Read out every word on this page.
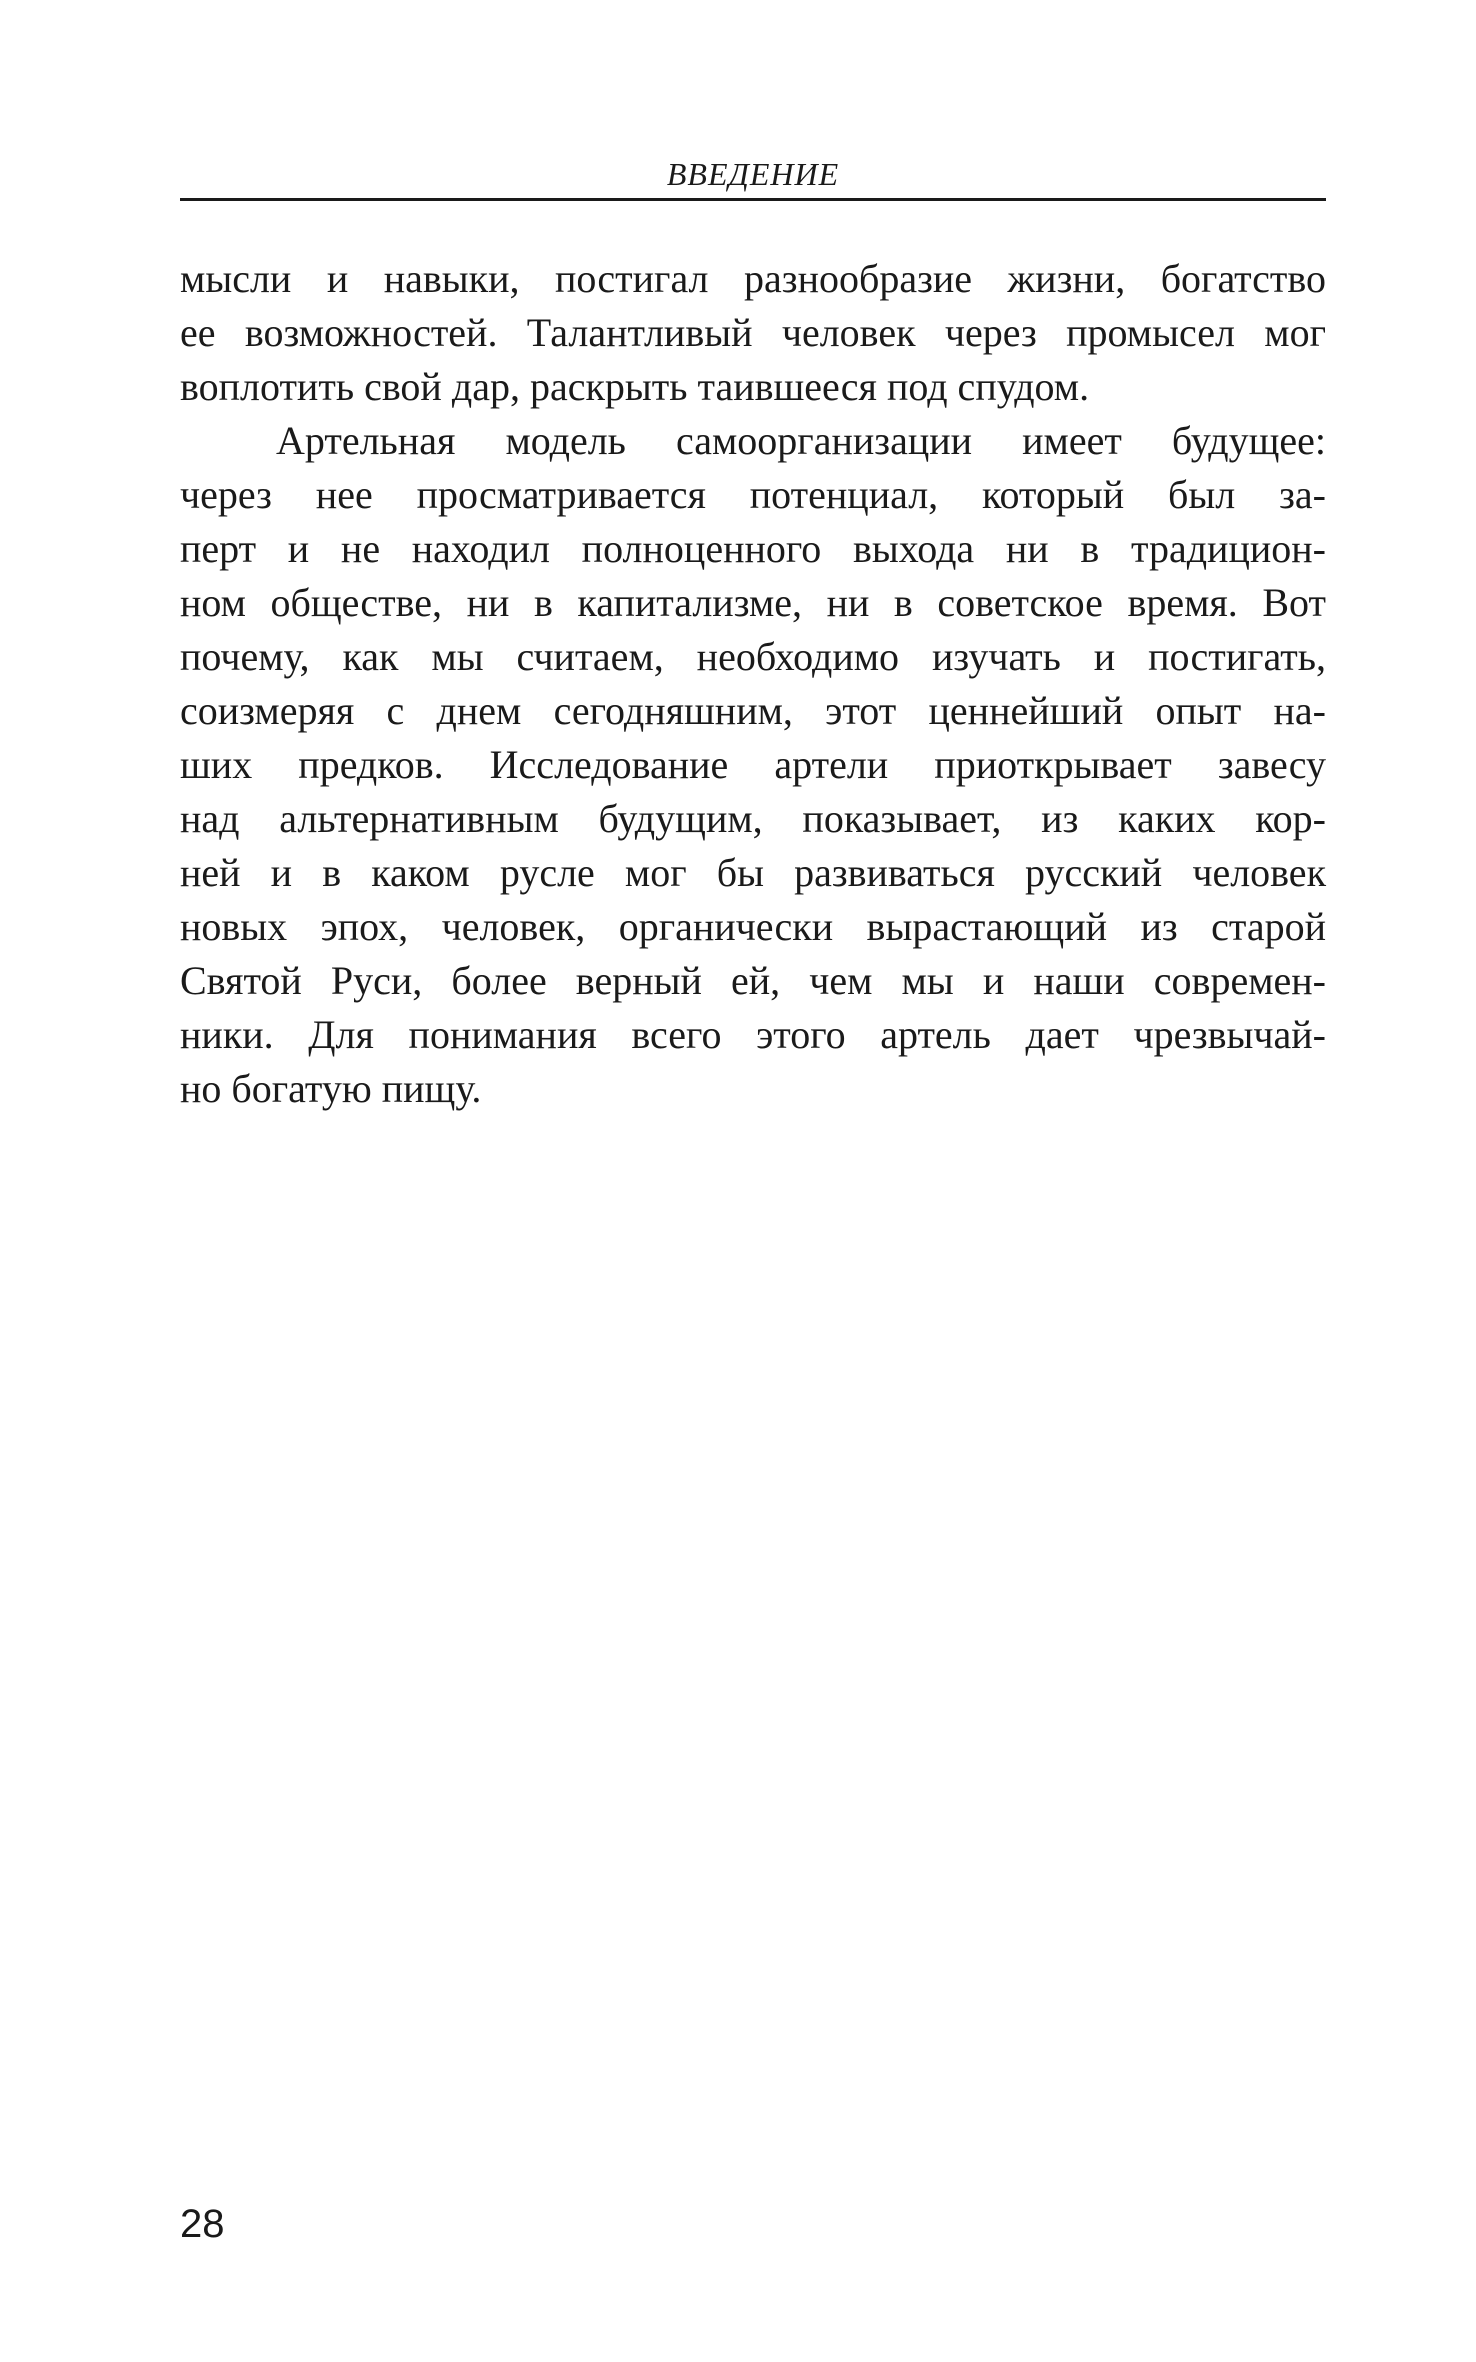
ВВЕДЕНИЕ
мысли и навыки, постигал разнообразие жизни, богатство
ее возможностей. Талантливый человек через промысел мог
воплотить свой дар, раскрыть таившееся под спудом.
Артельная модель самоорганизации имеет будущее:
через нее просматривается потенциал, который был за-
перт и не находил полноценного выхода ни в традицион-
ном обществе, ни в капитализме, ни в советское время. Вот
почему, как мы считаем, необходимо изучать и постигать,
соизмеряя с днем сегодняшним, этот ценнейший опыт на-
ших предков. Исследование артели приоткрывает завесу
над альтернативным будущим, показывает, из каких кор-
ней и в каком русле мог бы развиваться русский человек
новых эпох, человек, органически вырастающий из старой
Святой Руси, более верный ей, чем мы и наши современ-
ники. Для понимания всего этого артель дает чрезвычай-
но богатую пищу.
28
